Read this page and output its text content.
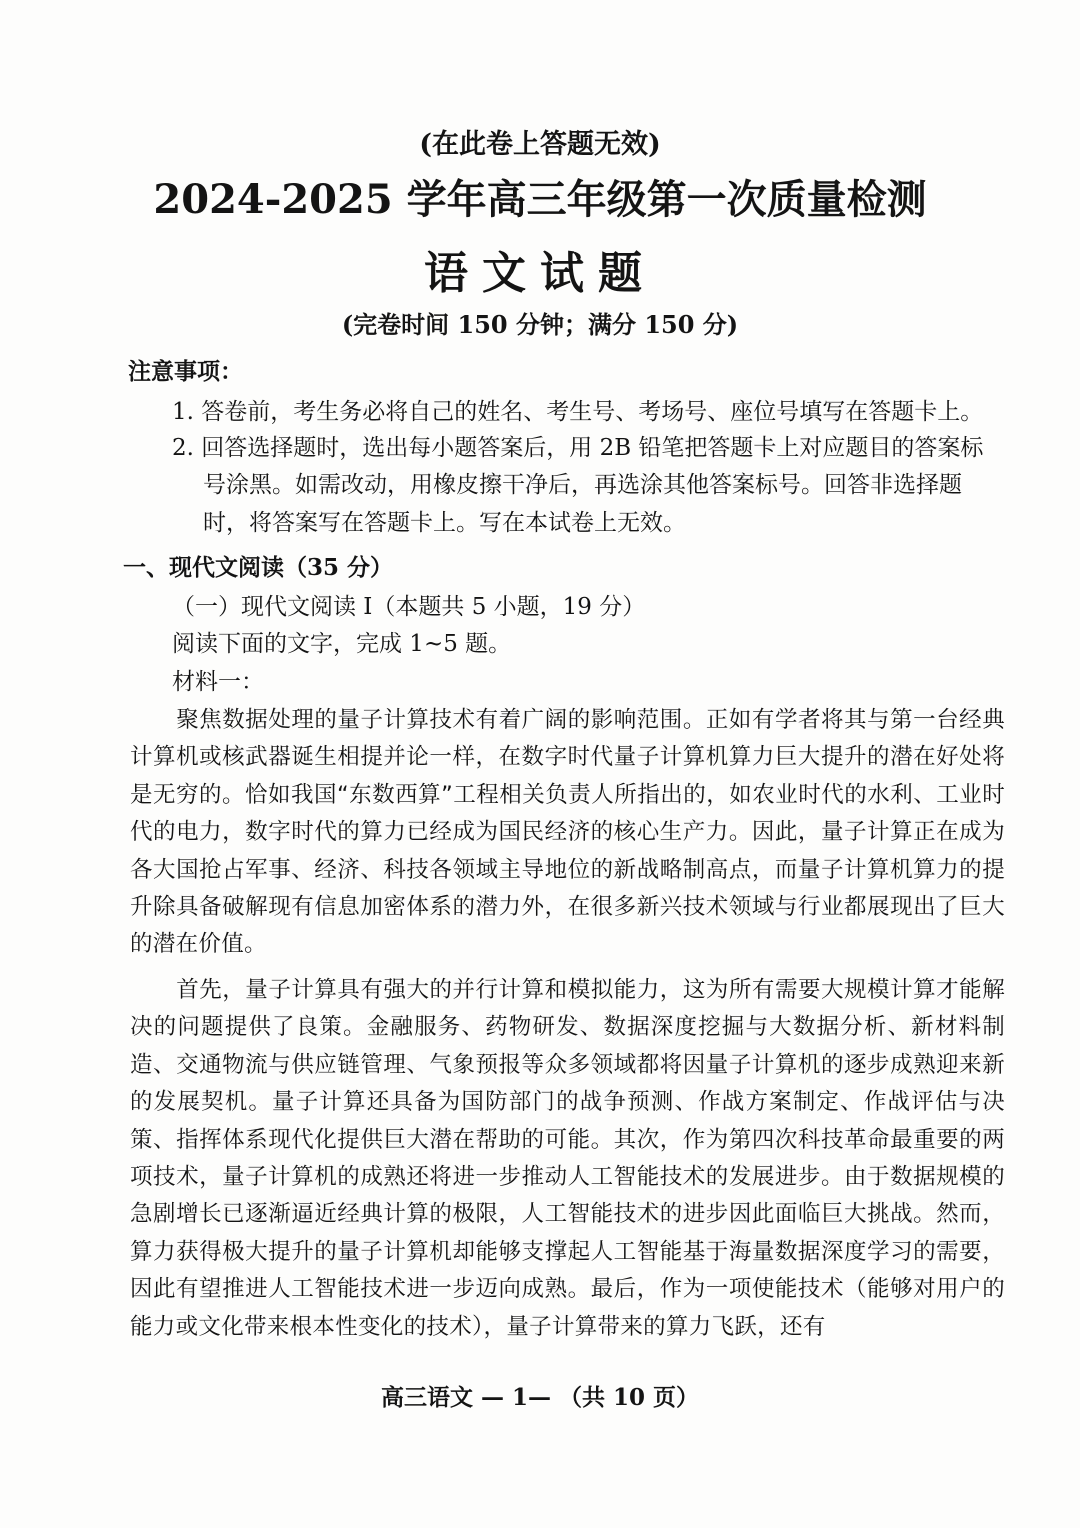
(在此卷上答题无效)
2024-2025 学年高三年级第一次质量检测
语文试题
(完卷时间 150 分钟；满分 150 分)
注意事项：
1. 答卷前，考生务必将自己的姓名、考生号、考场号、座位号填写在答题卡上。
2. 回答选择题时，选出每小题答案后，用 2B 铅笔把答题卡上对应题目的答案标
号涂黑。如需改动，用橡皮擦干净后，再选涂其他答案标号。回答非选择题
时，将答案写在答题卡上。写在本试卷上无效。
一、现代文阅读（35 分）
（一）现代文阅读 I（本题共 5 小题，19 分）
阅读下面的文字，完成 1~5 题。
材料一：
聚焦数据处理的量子计算技术有着广阔的影响范围。正如有学者将其与第一台经典计算机或核武器诞生相提并论一样，在数字时代量子计算机算力巨大提升的潜在好处将是无穷的。恰如我国“东数西算”工程相关负责人所指出的，如农业时代的水利、工业时代的电力，数字时代的算力已经成为国民经济的核心生产力。因此，量子计算正在成为各大国抢占军事、经济、科技各领域主导地位的新战略制高点，而量子计算机算力的提升除具备破解现有信息加密体系的潜力外，在很多新兴技术领域与行业都展现出了巨大的潜在价值。
首先，量子计算具有强大的并行计算和模拟能力，这为所有需要大规模计算才能解决的问题提供了良策。金融服务、药物研发、数据深度挖掘与大数据分析、新材料制造、交通物流与供应链管理、气象预报等众多领域都将因量子计算机的逐步成熟迎来新的发展契机。量子计算还具备为国防部门的战争预测、作战方案制定、作战评估与决策、指挥体系现代化提供巨大潜在帮助的可能。其次，作为第四次科技革命最重要的两项技术，量子计算机的成熟还将进一步推动人工智能技术的发展进步。由于数据规模的急剧增长已逐渐逼近经典计算的极限，人工智能技术的进步因此面临巨大挑战。然而，算力获得极大提升的量子计算机却能够支撑起人工智能基于海量数据深度学习的需要，因此有望推进人工智能技术进一步迈向成熟。最后，作为一项使能技术（能够对用户的能力或文化带来根本性变化的技术），量子计算带来的算力飞跃，还有
高三语文 — 1— （共 10 页）
